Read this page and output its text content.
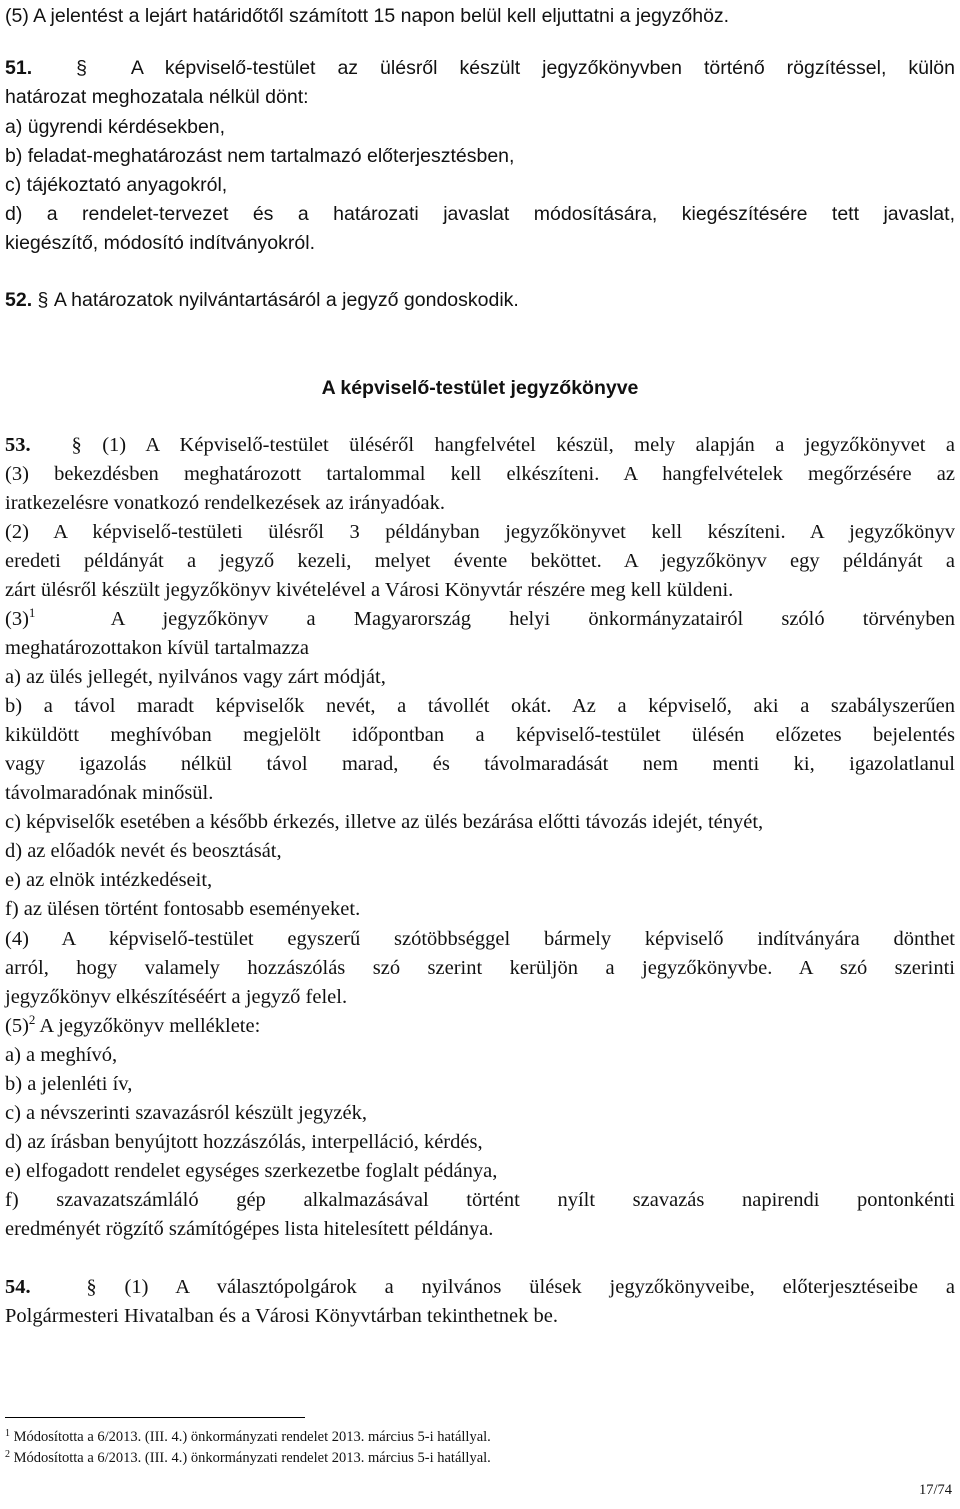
(5) A jelentést a lejárt határidőtől számított 15 napon belül kell eljuttatni a jegyzőhöz.
51. § A képviselő-testület az ülésről készült jegyzőkönyvben történő rögzítéssel, külön
határozat meghozatala nélkül dönt:
a) ügyrendi kérdésekben,
b) feladat-meghatározást nem tartalmazó előterjesztésben,
c) tájékoztató anyagokról,
d) a rendelet-tervezet és a határozati javaslat módosítására, kiegészítésére tett javaslat,
kiegészítő, módosító indítványokról.
52. § A határozatok nyilvántartásáról a jegyző gondoskodik.
A képviselő-testület jegyzőkönyve
53. § (1) A Képviselő-testület üléséről hangfelvétel készül, mely alapján a jegyzőkönyvet a
(3) bekezdésben meghatározott tartalommal kell elkészíteni. A hangfelvételek megőrzésére az
iratkezelésre vonatkozó rendelkezések az irányadóak.
(2) A képviselő-testületi ülésről 3 példányban jegyzőkönyvet kell készíteni. A jegyzőkönyv
eredeti példányát a jegyző kezeli, melyet évente beköttet. A jegyzőkönyv egy példányát a
zárt ülésről készült jegyzőkönyv kivételével a Városi Könyvtár részére meg kell küldeni.
$(3)^1$	A jegyzőkönyv a Magyarország helyi önkormányzatairól szóló törvényben
meghatározottakon kívül tartalmazza
a) az ülés jellegét, nyilvános vagy zárt módját,
b) a távol maradt képviselők nevét, a távollét okát. Az a képviselő, aki a szabályszerűen
kiküldött meghívóban megjelölt időpontban a képviselő-testület ülésén előzetes bejelentés
vagy igazolás nélkül távol marad, és távolmaradását nem menti ki, igazolatlanul
távolmaradónak minősül.
c) képviselők esetében a később érkezés, illetve az ülés bezárása előtti távozás idejét, tényét,
d) az előadók nevét és beosztását,
e) az elnök intézkedéseit,
f) az ülésen történt fontosabb eseményeket.
(4) A képviselő-testület egyszerű szótöbbséggel bármely képviselő indítványára dönthet
arról, hogy valamely hozzászólás szó szerint kerüljön a jegyzőkönyvbe. A szó szerinti
jegyzőkönyv elkészítéséért a jegyző felel.
$(5)^2$ A jegyzőkönyv melléklete:
a) a meghívó,
b) a jelenléti ív,
c) a névszerinti szavazásról készült jegyzék,
d) az írásban benyújtott hozzászólás, interpelláció, kérdés,
e) elfogadott rendelet egységes szerkezetbe foglalt pédánya,
f) szavazatszámláló gép alkalmazásával történt nyílt szavazás napirendi pontonkénti
eredményét rögzítő számítógépes lista hitelesített példánya.
54.	§ (1) A választópolgárok a nyilvános ülések jegyzőkönyveibe, előterjesztéseibe a
Polgármesteri Hivatalban és a Városi Könyvtárban tekinthetnek be.
$^1$ Módosította a 6/2013. (III. 4.) önkormányzati rendelet 2013. március 5-i hatállyal.
$^2$ Módosította a 6/2013. (III. 4.) önkormányzati rendelet 2013. március 5-i hatállyal.
17/74
